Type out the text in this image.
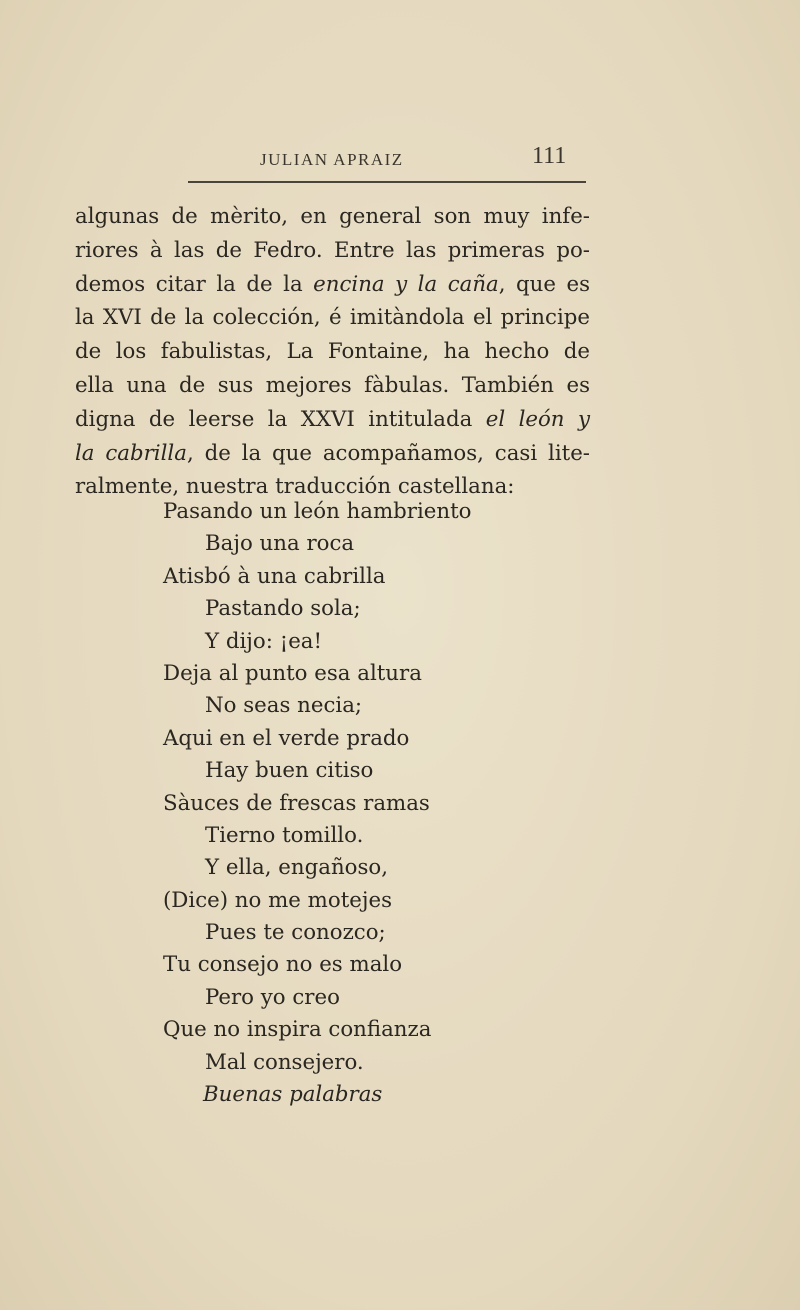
JULIAN APRAIZ	111
algunas de mèrito, en general son muy infe-
riores à las de Fedro. Entre las primeras po-
demos citar la de la encina y la caña, que es
la XVI de la colección, é imitàndola el principe
de los fabulistas, La Fontaine, ha hecho de
ella una de sus mejores fàbulas. También es
digna de leerse la XXVI intitulada el león y
la cabrilla, de la que acompañamos, casi lite-
ralmente, nuestra traducción castellana:
Pasando un león hambriento
Bajo una roca
Atisbó à una cabrilla
Pastando sola;
Y dijo: ¡ea!
Deja al punto esa altura
No seas necia;
Aqui en el verde prado
Hay buen citiso
Sàuces de frescas ramas
Tierno tomillo.
Y ella, engañoso,
(Dice) no me motejes
Pues te conozco;
Tu consejo no es malo
Pero yo creo
Que no inspira confianza
Mal consejero.
Buenas palabras
